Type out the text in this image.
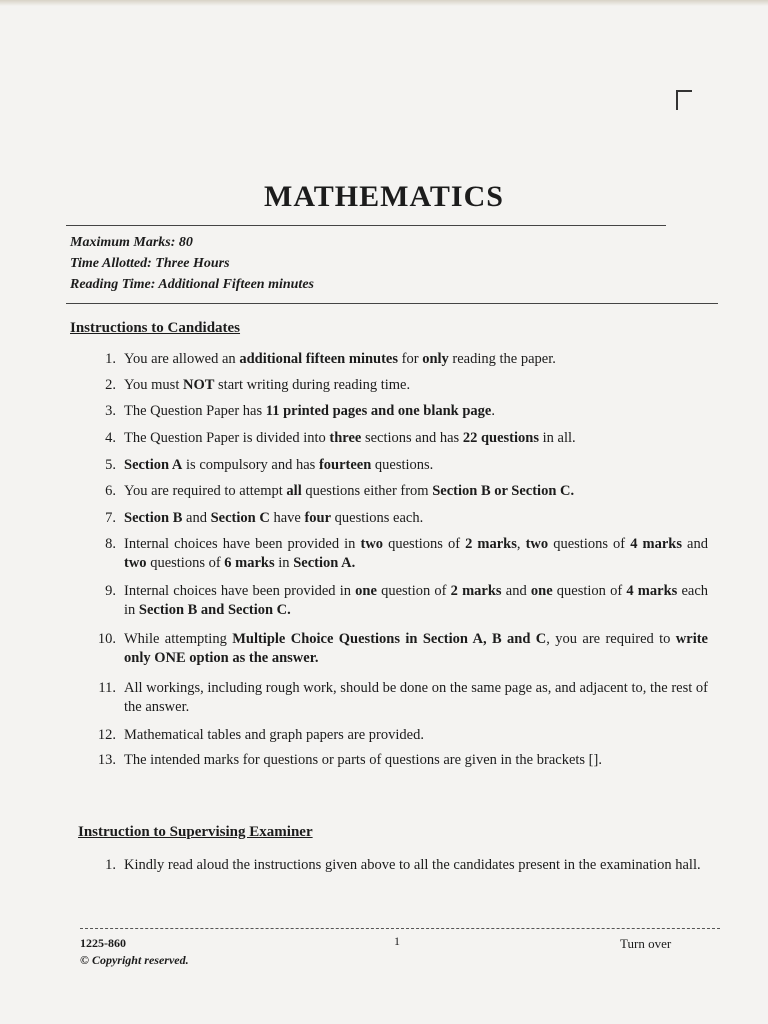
MATHEMATICS
Maximum Marks: 80
Time Allotted: Three Hours
Reading Time: Additional Fifteen minutes
Instructions to Candidates
1. You are allowed an additional fifteen minutes for only reading the paper.
2. You must NOT start writing during reading time.
3. The Question Paper has 11 printed pages and one blank page.
4. The Question Paper is divided into three sections and has 22 questions in all.
5. Section A is compulsory and has fourteen questions.
6. You are required to attempt all questions either from Section B or Section C.
7. Section B and Section C have four questions each.
8. Internal choices have been provided in two questions of 2 marks, two questions of 4 marks and two questions of 6 marks in Section A.
9. Internal choices have been provided in one question of 2 marks and one question of 4 marks each in Section B and Section C.
10. While attempting Multiple Choice Questions in Section A, B and C, you are required to write only ONE option as the answer.
11. All workings, including rough work, should be done on the same page as, and adjacent to, the rest of the answer.
12. Mathematical tables and graph papers are provided.
13. The intended marks for questions or parts of questions are given in the brackets [].
Instruction to Supervising Examiner
1. Kindly read aloud the instructions given above to all the candidates present in the examination hall.
1225-860	1	Turn over
© Copyright reserved.
